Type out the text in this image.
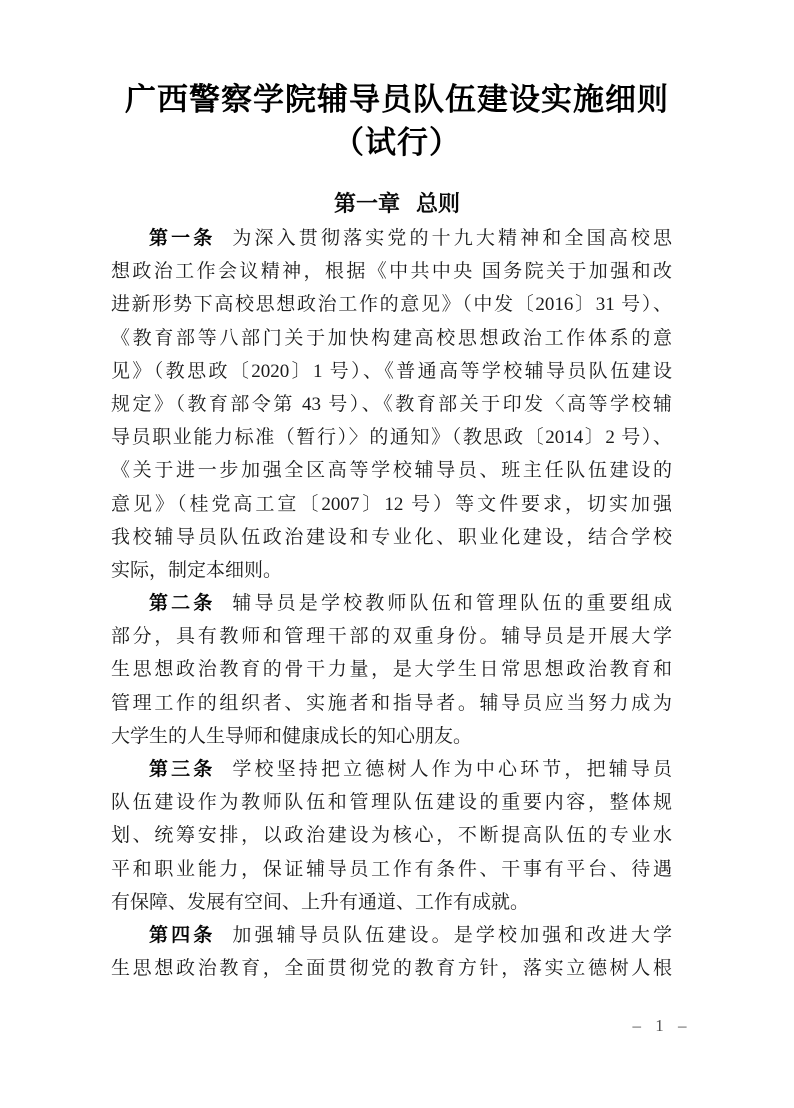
广西警察学院辅导员队伍建设实施细则
（试行）
第一章 总则
第一条 为深入贯彻落实党的十九大精神和全国高校思
想政治工作会议精神，根据《中共中央 国务院关于加强和改
进新形势下高校思想政治工作的意见》（中发〔2016〕31 号）、
《教育部等八部门关于加快构建高校思想政治工作体系的意
见》（教思政〔2020〕1 号）、《普通高等学校辅导员队伍建设
规定》（教育部令第 43 号）、《教育部关于印发〈高等学校辅
导员职业能力标准（暂行）〉的通知》（教思政〔2014〕2 号）、
《关于进一步加强全区高等学校辅导员、班主任队伍建设的
意见》（桂党高工宣〔2007〕12 号）等文件要求，切实加强
我校辅导员队伍政治建设和专业化、职业化建设，结合学校
实际，制定本细则。
第二条 辅导员是学校教师队伍和管理队伍的重要组成
部分，具有教师和管理干部的双重身份。辅导员是开展大学
生思想政治教育的骨干力量，是大学生日常思想政治教育和
管理工作的组织者、实施者和指导者。辅导员应当努力成为
大学生的人生导师和健康成长的知心朋友。
第三条 学校坚持把立德树人作为中心环节，把辅导员
队伍建设作为教师队伍和管理队伍建设的重要内容，整体规
划、统筹安排，以政治建设为核心，不断提高队伍的专业水
平和职业能力，保证辅导员工作有条件、干事有平台、待遇
有保障、发展有空间、上升有通道、工作有成就。
第四条 加强辅导员队伍建设。是学校加强和改进大学
生思想政治教育，全面贯彻党的教育方针，落实立德树人根
– 1 –
